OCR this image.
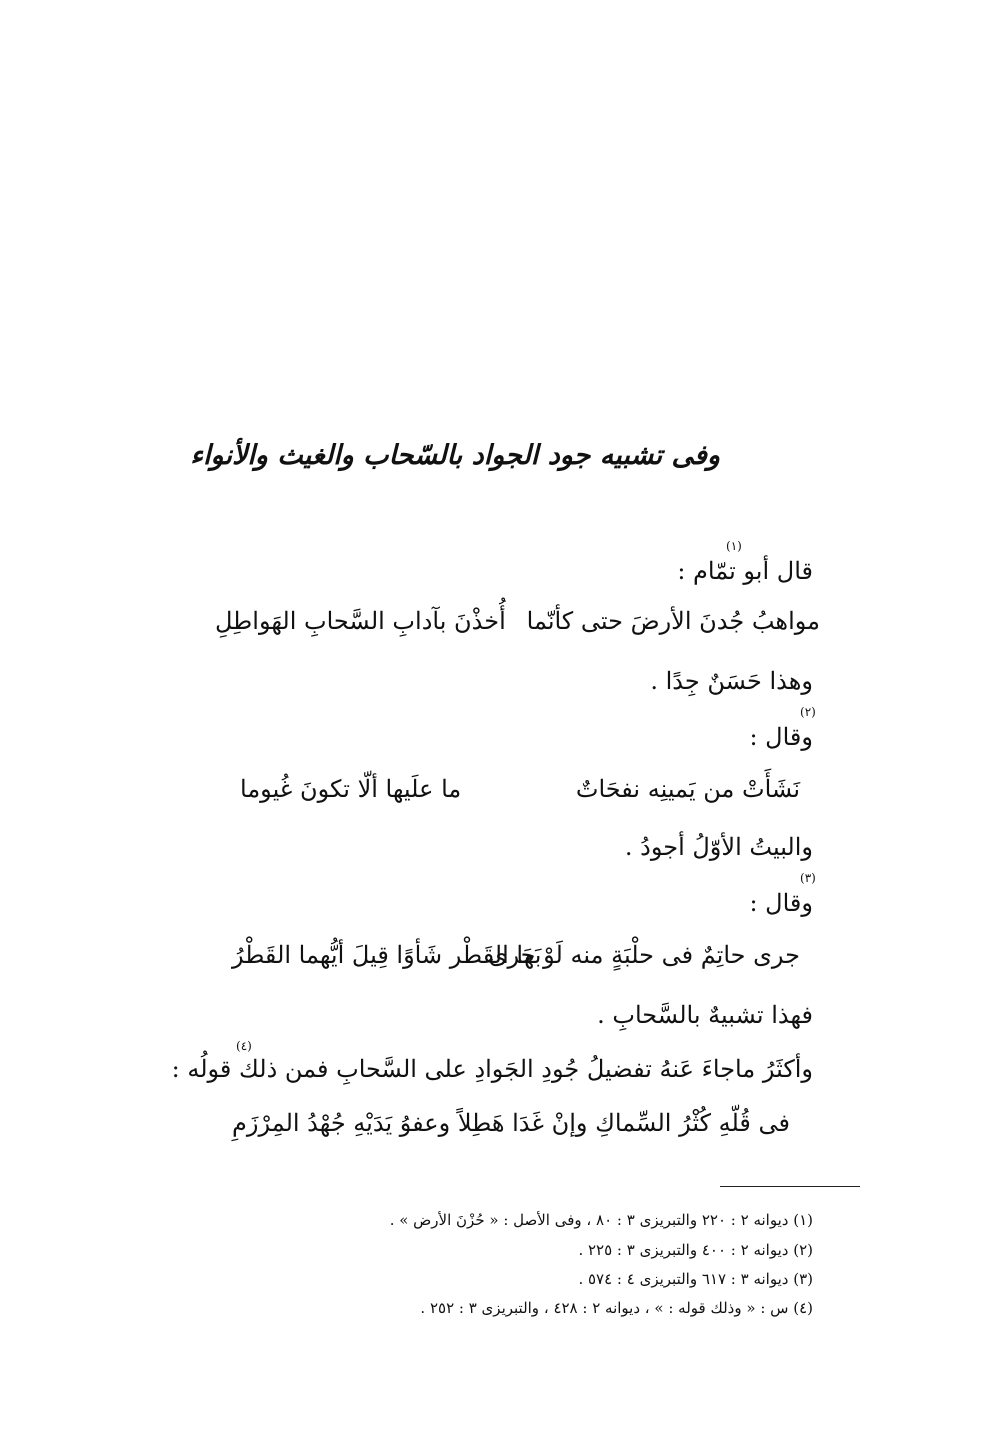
وفى تشبيه جود الجواد بالسّحاب والغيث والأنواء
(١)
قال أبو تمّام :
مواهبُ جُدنَ الأرضَ حتى كأنّما
أُخذْنَ بآدابِ السَّحابِ الهَواطِلِ
وهذا حَسَنٌ جِدًا .
(٢)
وقال :
نَشَأَتْ من يَمينِه نفحَاتٌ
ما علَيها ألّا تكونَ غُيوما
والبيتُ الأوّلُ أجودُ .
(٣)
وقال :
جرى حاتِمٌ فى حلْبَةٍ منه لَوْ جَرى
بَها القَطْر شَأوًا قِيلَ أيُّهما القَطْرُ
فهذا تشبيهٌ بالسَّحابِ .
(٤)
وأكثَرُ ماجاءَ عَنهُ تفضيلُ جُودِ الجَوادِ على السَّحابِ فمن ذلك قولُه :
فى قُلّهِ كُثْرُ السِّماكِ وإنْ غَدَا
هَطِلاً وعفوُ يَدَيْهِ جُهْدُ المِرْزَمِ
(١) ديوانه ٢ : ٢٢٠ والتبريزى ٣ : ٨٠ ، وفى الأصل : « حُزْنَ الأرض » .
(٢) ديوانه ٢ : ٤٠٠ والتبريزى ٣ : ٢٢٥ .
(٣) ديوانه ٣ : ٦١٧ والتبريزى ٤ : ٥٧٤ .
(٤) س : « وذلك قوله : » ، ديوانه ٢ : ٤٢٨ ، والتبريزى ٣ : ٢٥٢ .
